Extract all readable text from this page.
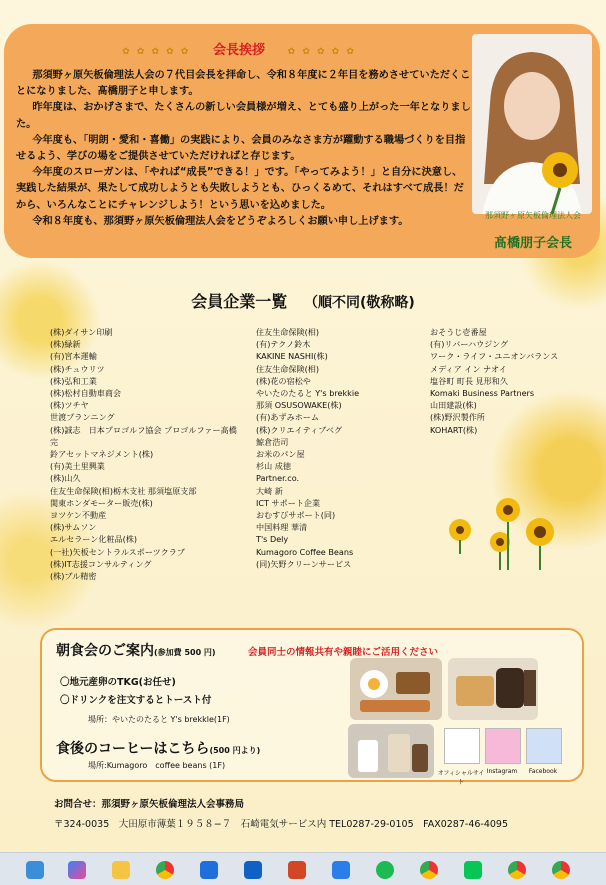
✿ ✿ ✿ ✿ ✿ 会長挨拶	✿ ✿ ✿ ✿ ✿

那須野ヶ原矢板倫理法人会の７代目会長を拝命し、令和８年度に２年目を務めさせていただくことになりました、髙橋朋子と申します。

昨年度は、おかげさまで、たくさんの新しい会員様が増え、とても盛り上がった一年となりました。

今年度も、「明朗・愛和・喜働」の実践により、会員のみなさま方が躍動する職場づくりを目指せるよう、学びの場をご提供させていただければと存じます。

今年度のスローガンは、「やれば“成長”できる！」です。「やってみよう！」と自分に決意し、実践した結果が、果たして成功しようとも失敗しようとも、ひっくるめて、それはすべて成長！だから、いろんなことにチャレンジしよう！という思いを込めました。

令和８年度も、那須野ヶ原矢板倫理法人会をどうぞよろしくお願い申し上げます。

那須野ヶ原矢板倫理法人会
髙橋朋子会長
会員企業一覧 （順不同(敬称略)
(株)ダイサン印刷
(株)緑新
(有)宮本運輸
(株)チュウリツ
(株)弘和工業
(株)松村自動車商会
(株)ツチヤ
世渡プランニング
(株)誠志　日本プロゴルフ協会 プロゴルファー髙橋 完
鈴アセットマネジメント(株)
(有)美土里興業
(株)山久
住友生命保険(相)栃木支社 那須塩原支部
関東ホンダモーター販売(株)
ヨツケン不動産
(株)サムソン
エルセラーン化粧品(株)
(一社)矢板セントラルスポーツクラブ
(株)IT志援コンサルティング
(株)ブル精密
住友生命保険(相)
(有)テクノ鈴木
KAKINE NASHI(株)
住友生命保険(相)
(株)花の宿松や
やいたのたると Y's brekkie
那須 OSUSOWAKE(株)
(有)あずみホーム
(株)クリエイティブベグ
鯨倉浩司
お米のパン屋
杉山 成徳
Partner.co.
大崎 新
ICT サポート企業
おむすびサポート(同)
中国料理 華清
T's Dely
Kumagoro Coffee Beans
(同)矢野クリーンサービス
おそうじ壱番屋
(有)リバーハウジング
ワーク・ライフ・ユニオンバランス
メディア イン ナオイ
塩谷町 町長 見形和久
Komaki Business Partners
山田建設(株)
(株)野沢製作所
KOHART(株)
朝食会のご案内(参加費 500 円)	会員同士の情報共有や親睦にご活用ください
〇地元産卵のTKG(お任せ)
〇ドリンクを注文するとトースト付
場所：やいたのたると Y's brekkle(1F)
食後のコーヒーはこちら(500 円より)
場所:Kumagoro　coffee beans (1F)
オフィシャルサイト
Instagram	Facebook
お問合せ：那須野ヶ原矢板倫理法人会事務局
〒324-0035　大田原市薄葉１９５８−７　石崎電気サービス内 TEL0287-29-0105　FAX0287-46-4095
